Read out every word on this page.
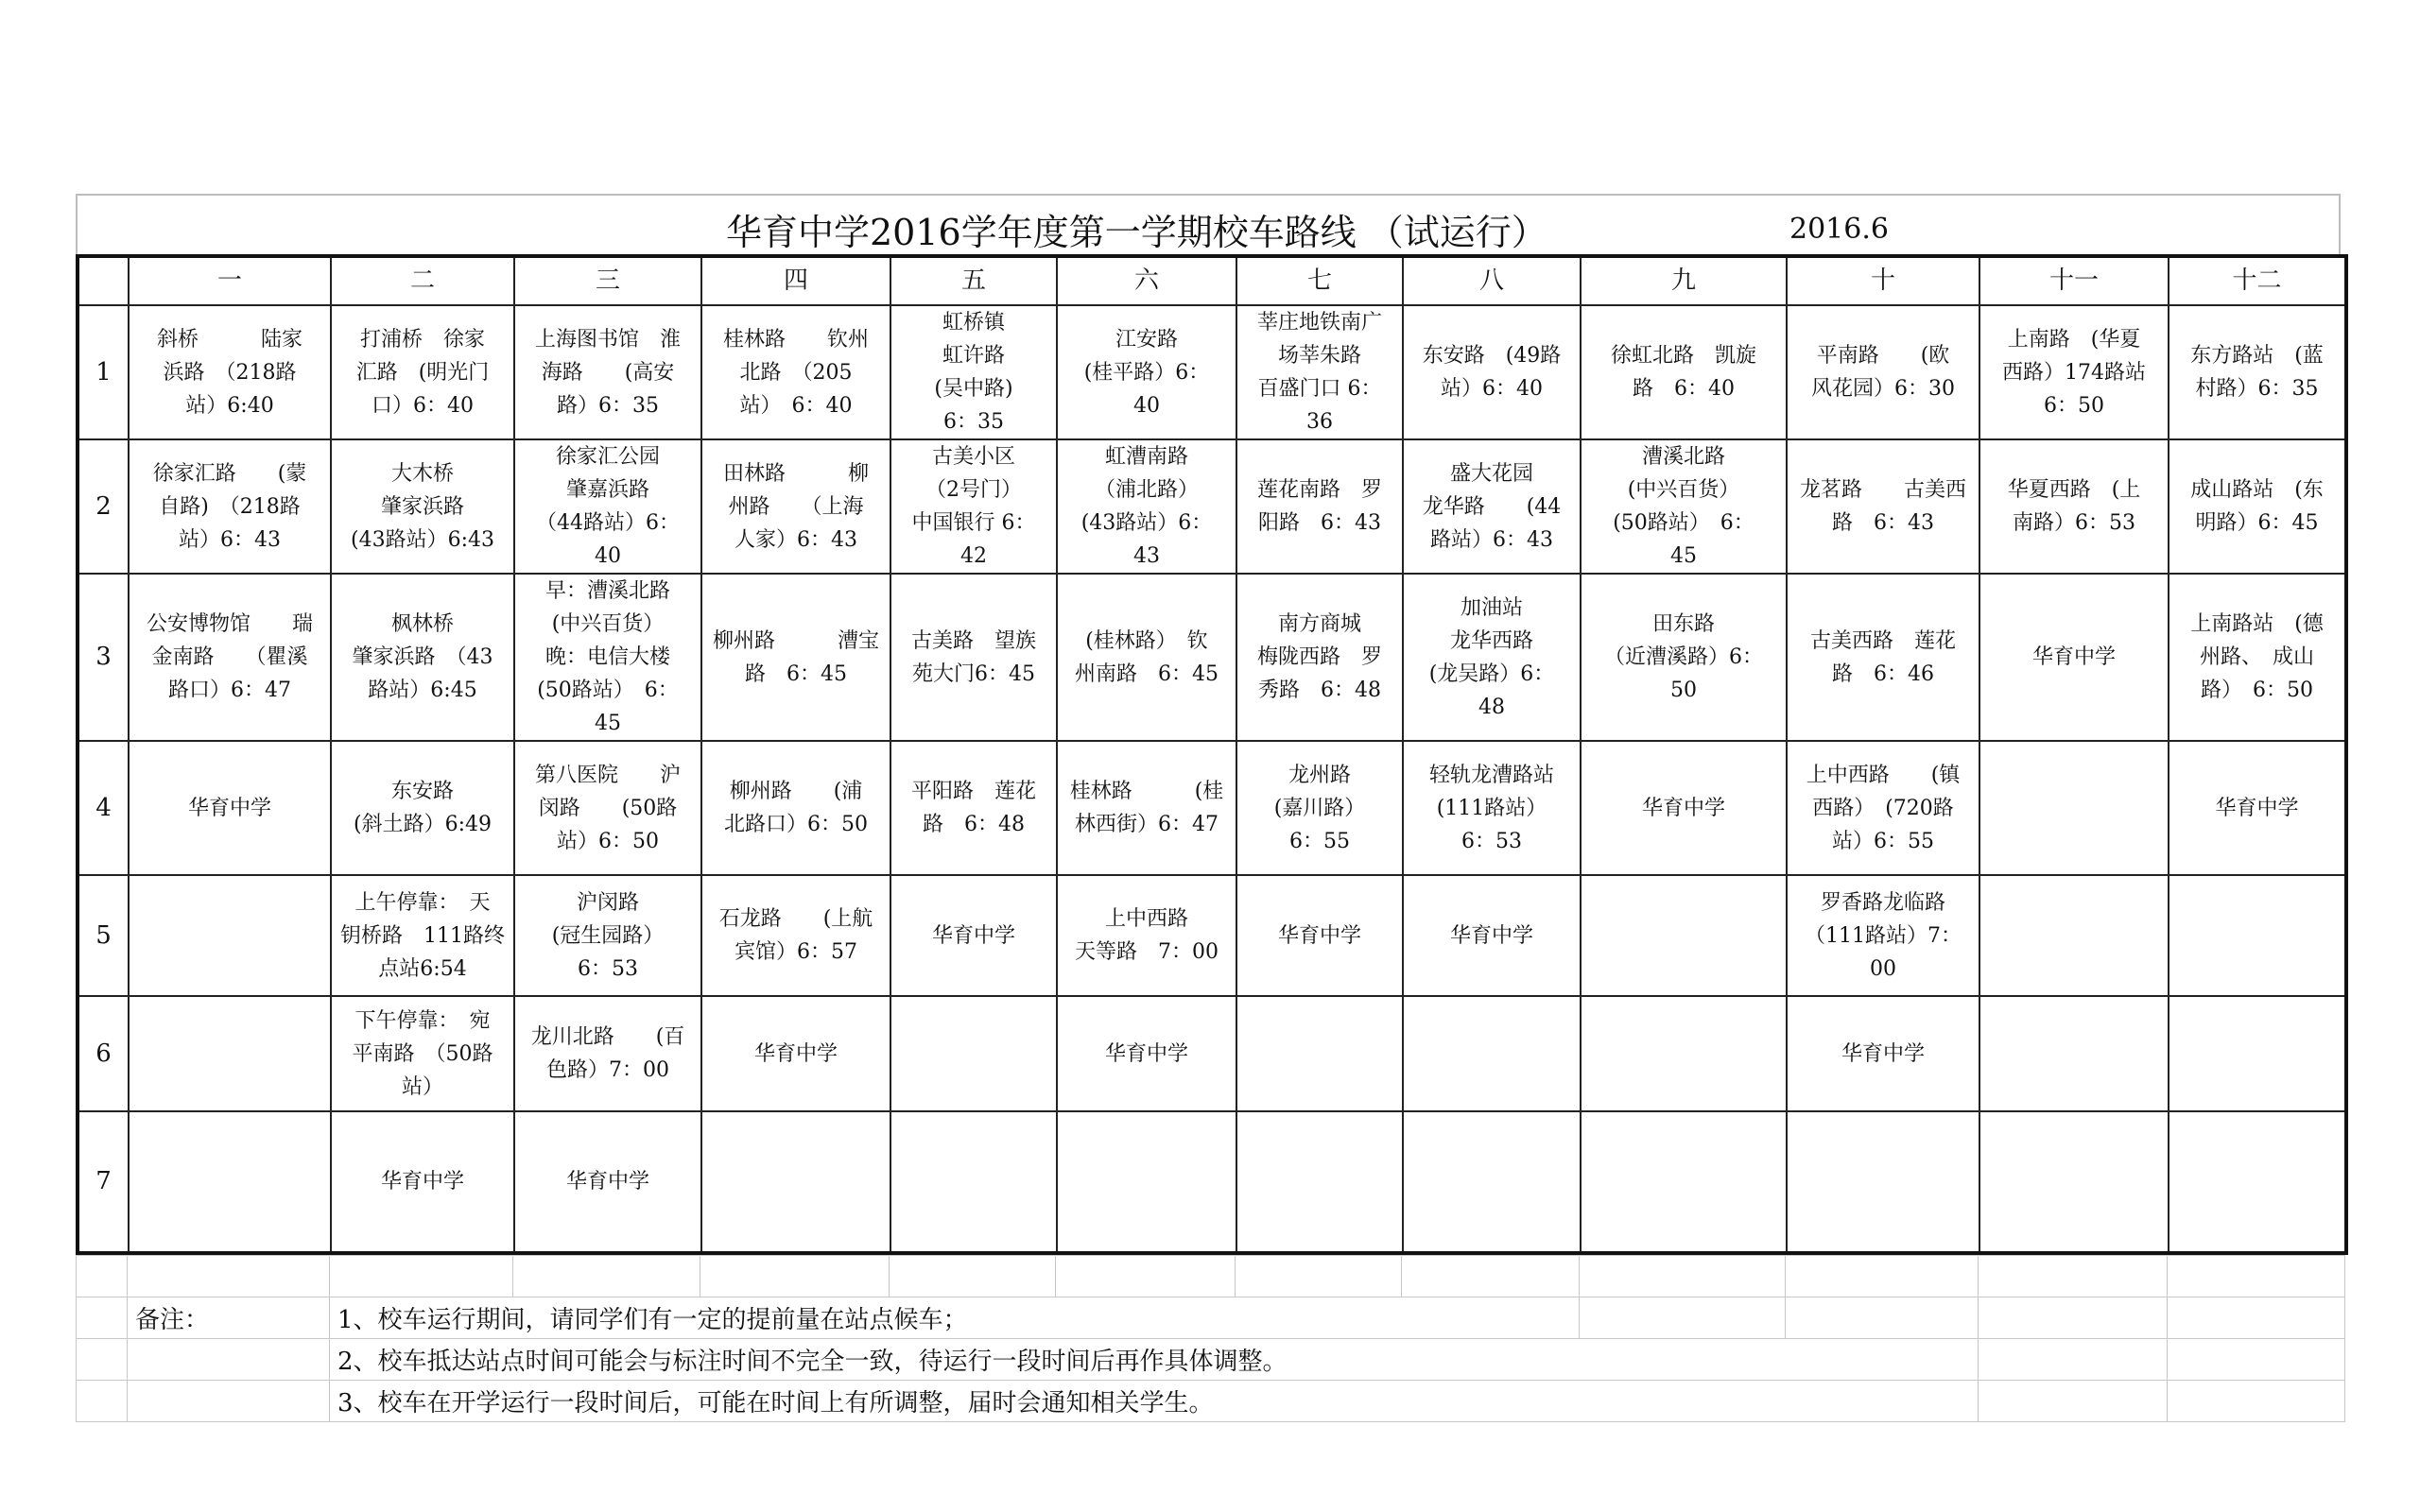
华育中学2016学年度第一学期校车路线 （试运行）	2016.6
	一	二	三	四	五	六	七	八	九	十	十一	十二
1	斜桥　　　陆家
浜路　（218路
站）6:40	打浦桥　徐家
汇路　(明光门
口）6：40	上海图书馆　淮
海路　　(高安
路）6：35	桂林路　　钦州
北路　（205
站）　6：40	虹桥镇
虹许路
(吴中路)
6：35	江安路
(桂平路）6：
40	莘庄地铁南广
场莘朱路
百盛门口 6：
36	东安路　(49路
站）6：40	徐虹北路　凯旋
路　6：40	平南路　　(欧
风花园）6：30	上南路　(华夏
西路）174路站
6：50	东方路站　(蓝
村路）6：35
2	徐家汇路　　(蒙
自路)　（218路
站）6：43	大木桥
肇家浜路
(43路站）6:43	徐家汇公园
肇嘉浜路
（44路站）6：
40	田林路　　　柳
州路　　（上海
人家）6：43	古美小区
（2号门）
中国银行 6：
42	虹漕南路
（浦北路）
(43路站）6：
43	莲花南路　罗
阳路　6：43	盛大花园
龙华路　　(44
路站）6：43	漕溪北路
(中兴百货）
(50路站）　6：
45	龙茗路　　古美西
路　6：43	华夏西路　(上
南路）6：53	成山路站　(东
明路）6：45
3	公安博物馆　　瑞
金南路　　（瞿溪
路口）6：47	枫林桥
肇家浜路　（43
路站）6:45	早：漕溪北路
(中兴百货）
晚：电信大楼
(50路站）　6：
45	柳州路　　　漕宝
路　6：45	古美路　望族
苑大门6：45	(桂林路）　钦
州南路　6：45	南方商城
梅陇西路　罗
秀路　6：48	加油站
龙华西路
(龙吴路）6：
48	田东路
（近漕溪路）6：
50	古美西路　莲花
路　6：46	华育中学	上南路站　(德
州路、　成山
路）　6：50
4	华育中学	东安路
(斜土路）6:49	第八医院　　沪
闵路　　(50路
站）6：50	柳州路　　(浦
北路口）6：50	平阳路　莲花
路　6：48	桂林路　　　(桂
林西街）6：47	龙州路
(嘉川路）
6：55	轻轨龙漕路站
(111路站）
6：53	华育中学	上中西路　　(镇
西路）　(720路
站）6：55		华育中学
5		上午停靠：　天
钥桥路　111路终
点站6:54	沪闵路
(冠生园路）
6：53	石龙路　　(上航
宾馆）6：57	华育中学	上中西路
天等路　7：00	华育中学	华育中学		罗香路龙临路
（111路站）7：
00		
6		下午停靠：　宛
平南路　（50路
站）	龙川北路　　(百
色路）7：00	华育中学		华育中学				华育中学		
7		华育中学	华育中学									

	备注：	1、校车运行期间，请同学们有一定的提前量在站点候车；										
		2、校车抵达站点时间可能会与标注时间不完全一致，待运行一段时间后再作具体调整。										
		3、校车在开学运行一段时间后，可能在时间上有所调整，届时会通知相关学生。										
